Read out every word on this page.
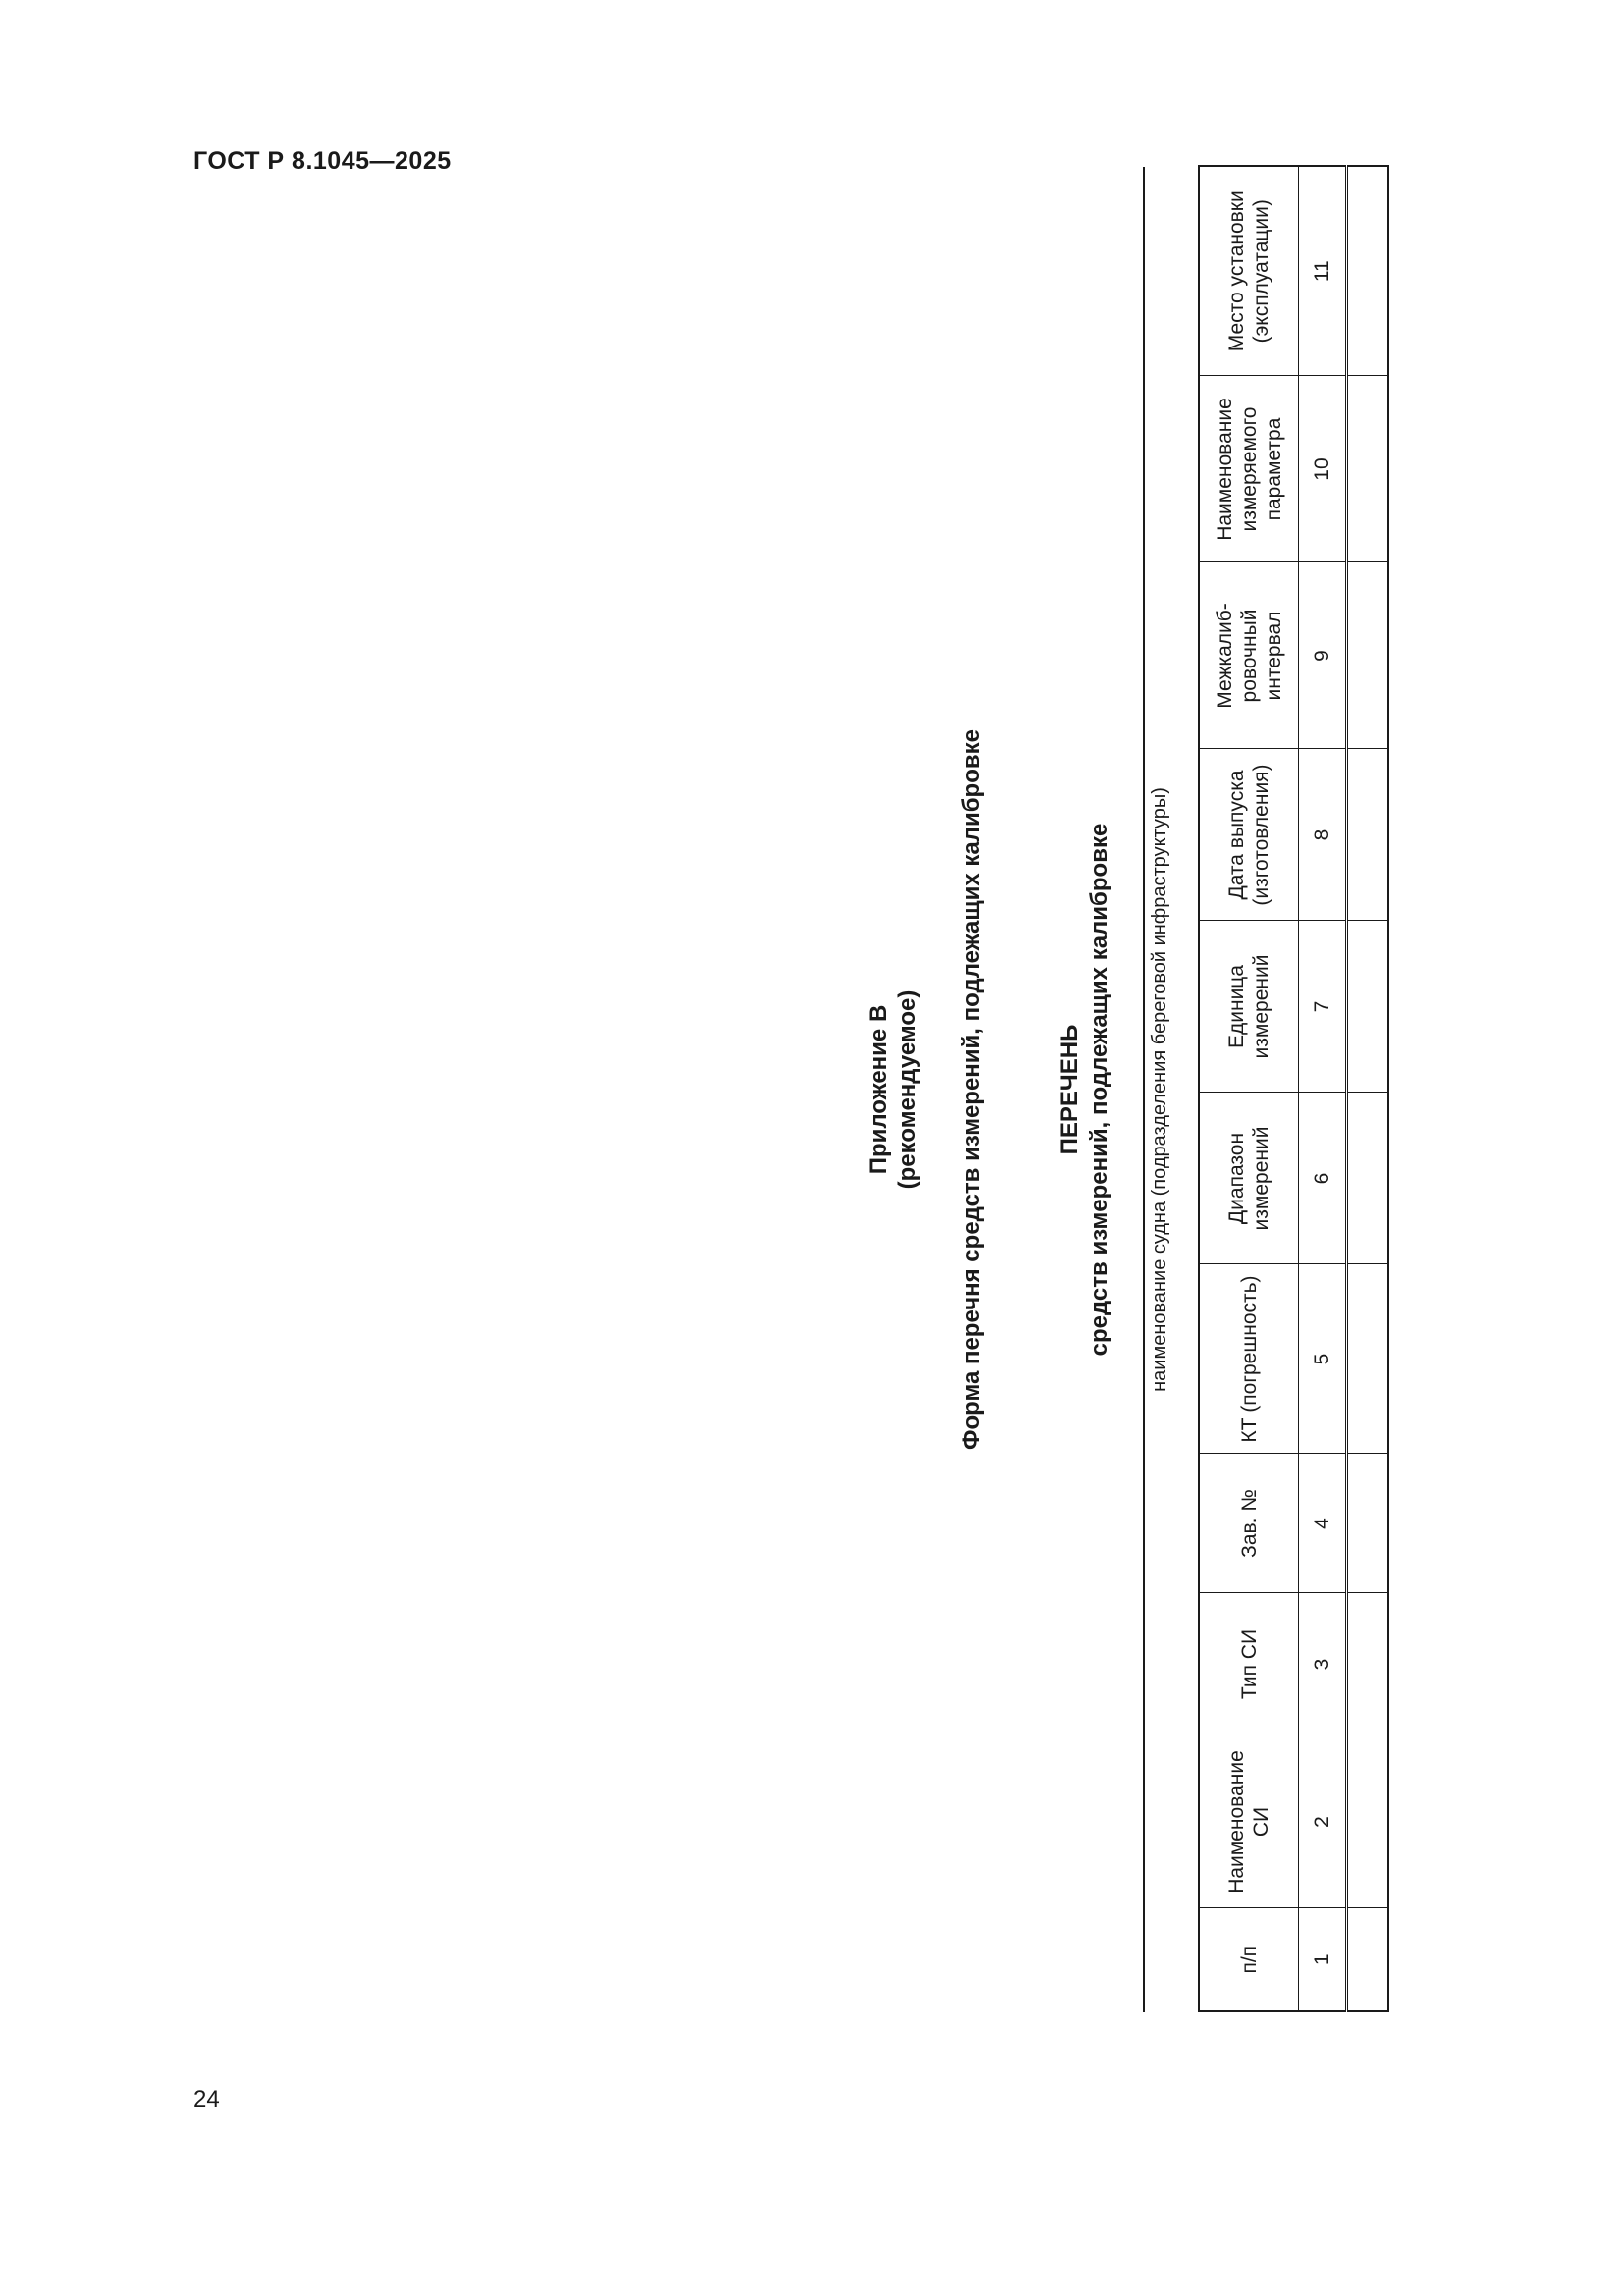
ГОСТ Р 8.1045—2025
Приложение В (рекомендуемое) Форма перечня средств измерений, подлежащих калибровке	ПЕРЕЧЕНЬ средств измерений, подлежащих калибровке наименование судна (подразделения береговой инфраструктуры)
п/п	Наименование СИ	Тип СИ	Зав. №	КТ (погрешность)	Диапазон измерений	Единица измерений	Дата выпуска (изготовления)	Межкалиб-ровочный интервал	Наименование измеряемого параметра	Место установки (эксплуатации)
1	2	3	4	5	6	7	8	9	10	11

24
